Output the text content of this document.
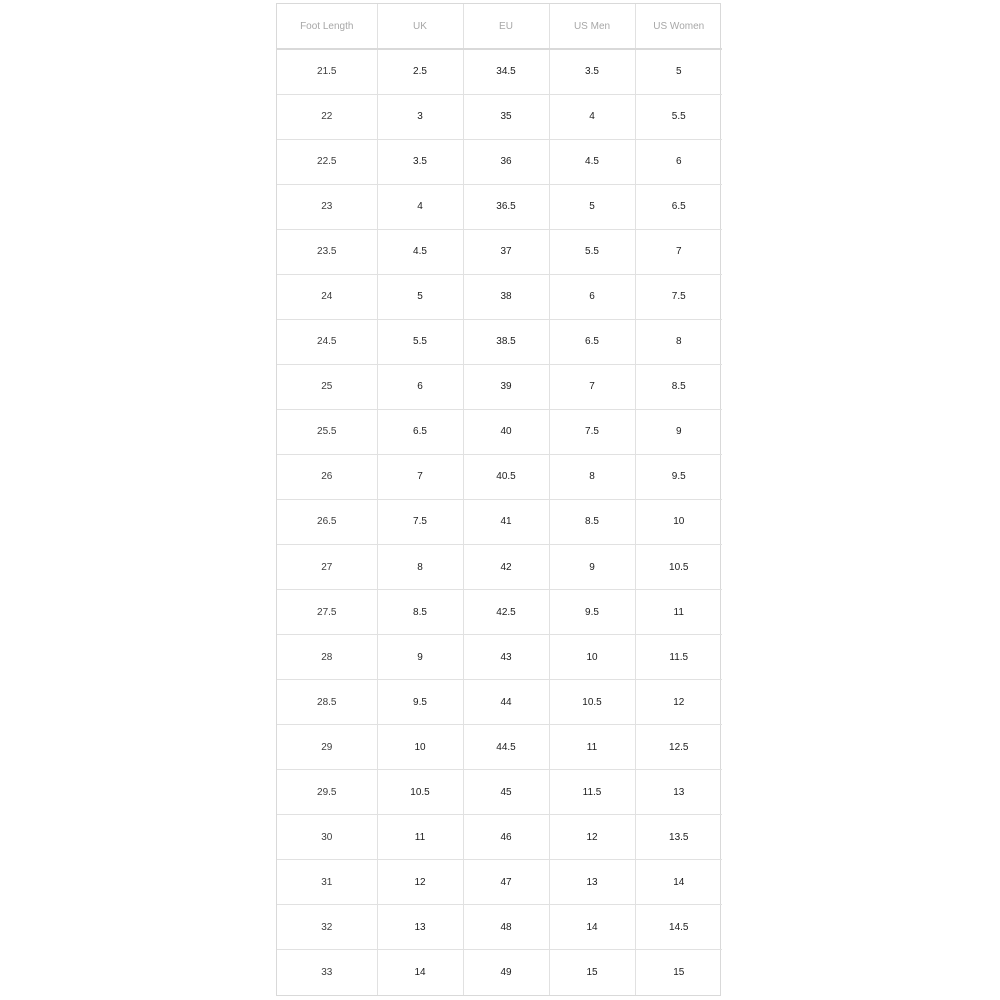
Foot Length	UK	EU	US Men	US Women
21.5	2.5	34.5	3.5	5
22	3	35	4	5.5
22.5	3.5	36	4.5	6
23	4	36.5	5	6.5
23.5	4.5	37	5.5	7
24	5	38	6	7.5
24.5	5.5	38.5	6.5	8
25	6	39	7	8.5
25.5	6.5	40	7.5	9
26	7	40.5	8	9.5
26.5	7.5	41	8.5	10
27	8	42	9	10.5
27.5	8.5	42.5	9.5	11
28	9	43	10	11.5
28.5	9.5	44	10.5	12
29	10	44.5	11	12.5
29.5	10.5	45	11.5	13
30	11	46	12	13.5
31	12	47	13	14
32	13	48	14	14.5
33	14	49	15	15
